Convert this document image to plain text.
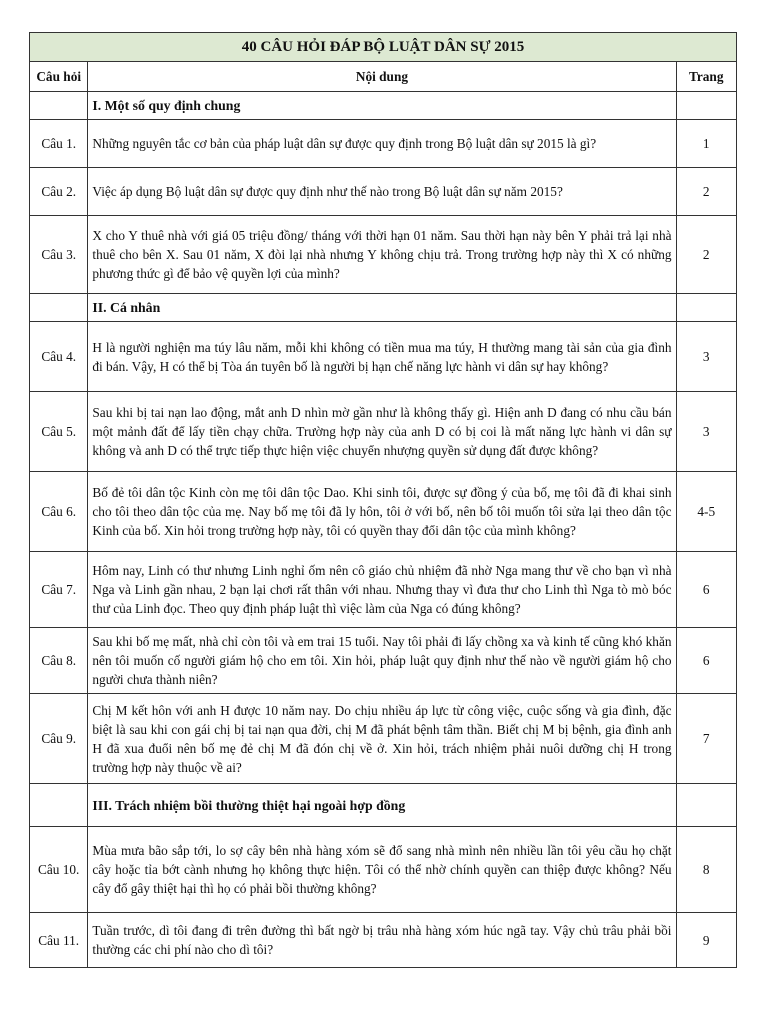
40 CÂU HỎI ĐÁP BỘ LUẬT DÂN SỰ 2015		
Câu hỏi	Nội dung	Trang
	I. Một số quy định chung	
Câu 1.	Những nguyên tắc cơ bản của pháp luật dân sự được quy định trong Bộ luật dân sự 2015 là gì?	1
Câu 2.	Việc áp dụng Bộ luật dân sự được quy định như thế nào trong Bộ luật dân sự năm 2015?	2
Câu 3.	X cho Y thuê nhà với giá 05 triệu đồng/ tháng với thời hạn 01 năm. Sau thời hạn này bên Y phải trả lại nhà thuê cho bên X. Sau 01 năm, X đòi lại nhà nhưng Y không chịu trả. Trong trường hợp này thì X có những phương thức gì để bảo vệ quyền lợi của mình?	2
	II. Cá nhân	
Câu 4.	H là người nghiện ma túy lâu năm, mỗi khi không có tiền mua ma túy, H thường mang tài sản của gia đình đi bán. Vậy, H có thể bị Tòa án tuyên bố là người bị hạn chế năng lực hành vi dân sự hay không?	3
Câu 5.	Sau khi bị tai nạn lao động, mắt anh D nhìn mờ gần như là không thấy gì. Hiện anh D đang có nhu cầu bán một mảnh đất để lấy tiền chạy chữa. Trường hợp này của anh D có bị coi là mất năng lực hành vi dân sự không và anh D có thể trực tiếp thực hiện việc chuyển nhượng quyền sử dụng đất được không?	3
Câu 6.	Bố đẻ tôi dân tộc Kinh còn mẹ tôi dân tộc Dao. Khi sinh tôi, được sự đồng ý của bố, mẹ tôi đã đi khai sinh cho tôi theo dân tộc của mẹ. Nay bố mẹ tôi đã ly hôn, tôi ở với bố, nên bố tôi muốn tôi sửa lại theo dân tộc Kinh của bố. Xin hỏi trong trường hợp này, tôi có quyền thay đổi dân tộc của mình không?	4-5
Câu 7.	Hôm nay, Linh có thư nhưng Linh nghỉ ốm nên cô giáo chủ nhiệm đã nhờ Nga mang thư về cho bạn vì nhà Nga và Linh gần nhau, 2 bạn lại chơi rất thân với nhau. Nhưng thay vì đưa thư cho Linh thì Nga tò mò bóc thư của Linh đọc. Theo quy định pháp luật thì việc làm của Nga có đúng không?	6
Câu 8.	Sau khi bố mẹ mất, nhà chỉ còn tôi và em trai 15 tuổi. Nay tôi phải đi lấy chồng xa và kinh tế cũng khó khăn nên tôi muốn cố người giám hộ cho em tôi. Xin hỏi, pháp luật quy định như thế nào về người giám hộ cho người chưa thành niên?	6
Câu 9.	Chị M kết hôn với anh H được 10 năm nay. Do chịu nhiều áp lực từ công việc, cuộc sống và gia đình, đặc biệt là sau khi con gái chị bị tai nạn qua đời, chị M đã phát bệnh tâm thần. Biết chị M bị bệnh, gia đình anh H đã xua đuổi nên bố mẹ đẻ chị M đã đón chị về ở. Xin hỏi, trách nhiệm phải nuôi dưỡng chị H trong trường hợp này thuộc về ai?	7
	III. Trách nhiệm bồi thường thiệt hại ngoài hợp đồng	
Câu 10.	Mùa mưa bão sắp tới, lo sợ cây bên nhà hàng xóm sẽ đổ sang nhà mình nên nhiều lần tôi yêu cầu họ chặt cây hoặc tỉa bớt cành nhưng họ không thực hiện. Tôi có thể nhờ chính quyền can thiệp được không? Nếu cây đổ gây thiệt hại thì họ có phải bồi thường không?	8
Câu 11.	Tuần trước, dì tôi đang đi trên đường thì bất ngờ bị trâu nhà hàng xóm húc ngã tay. Vậy chủ trâu phải bồi thường các chi phí nào cho dì tôi?	9
